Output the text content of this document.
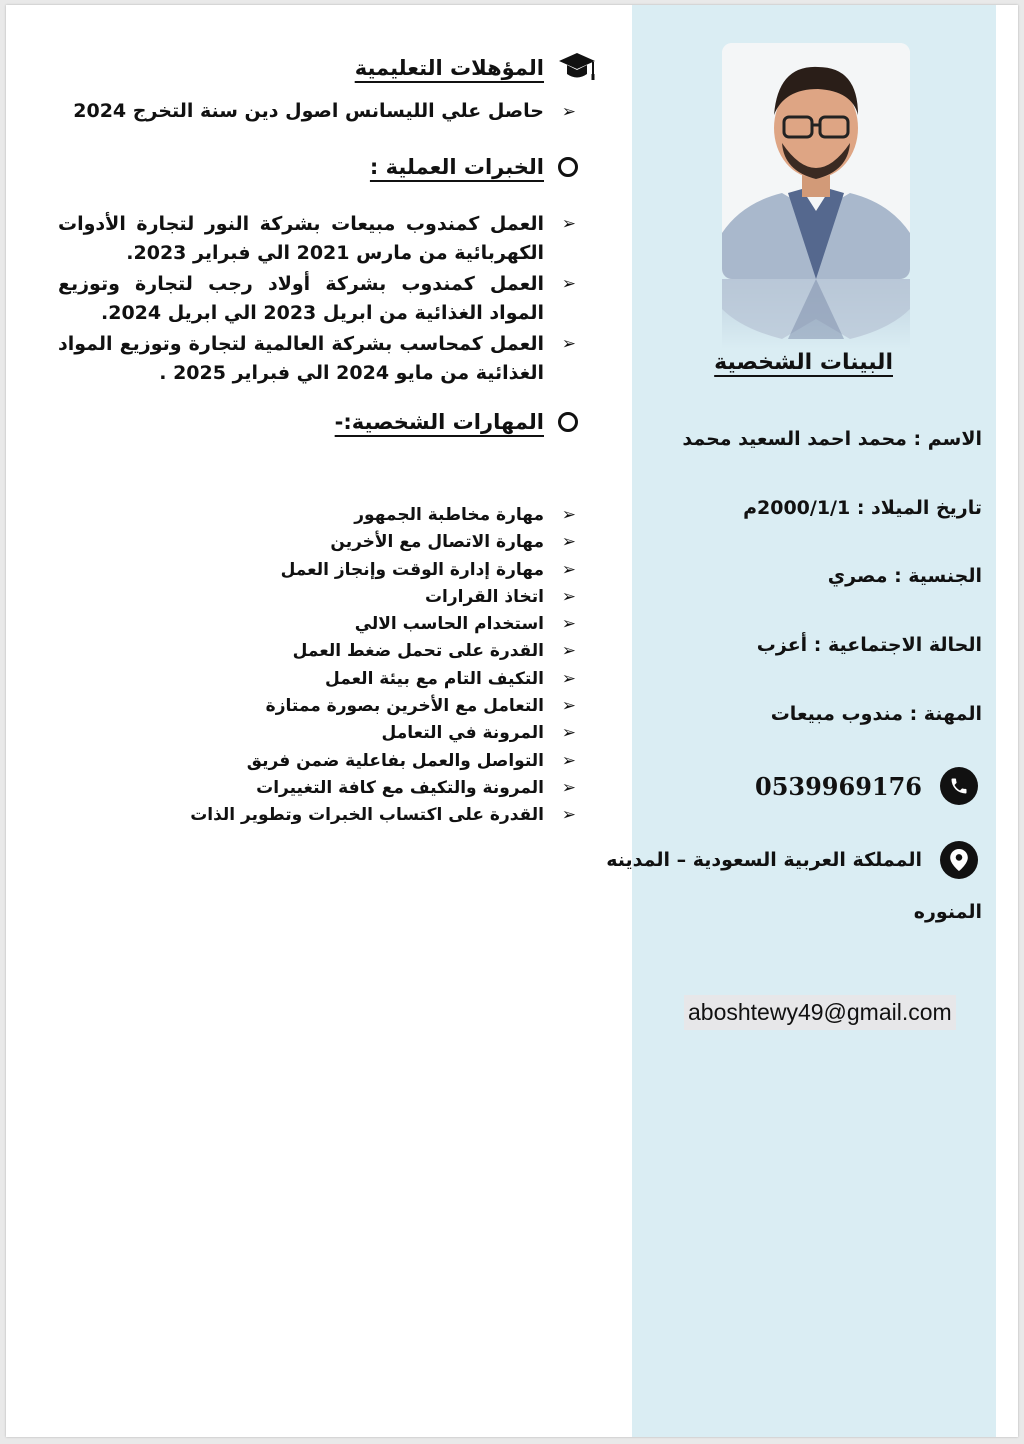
البينات الشخصية
الاسم : محمد احمد السعيد محمد
تاريخ الميلاد : 2000/1/1م
الجنسية : مصري
الحالة الاجتماعية : أعزب
المهنة : مندوب مبيعات
0539969176
المملكة العربية السعودية – المدينه
المنوره
aboshtewy49@gmail.com
المؤهلات التعليمية
➢
حاصل علي الليسانس اصول دين سنة التخرج 2024
الخبرات العملية :
➢
العمل كمندوب مبيعات بشركة النور لتجارة الأدوات الكهربائية من مارس 2021 الي فبراير 2023.
➢
العمل كمندوب بشركة أولاد رجب لتجارة وتوزيع المواد الغذائية من ابريل 2023 الي ابريل 2024.
➢
العمل كمحاسب بشركة العالمية لتجارة وتوزيع المواد الغذائية من مايو 2024 الي فبراير 2025 .
المهارات الشخصية:-
➢
مهارة مخاطبة الجمهور
➢
مهارة الاتصال مع الأخرين
➢
مهارة إدارة الوقت وإنجاز العمل
➢
اتخاذ القرارات
➢
استخدام الحاسب الالي
➢
القدرة على تحمل ضغط العمل
➢
التكيف التام مع بيئة العمل
➢
التعامل مع الأخرين بصورة ممتازة
➢
المرونة في التعامل
➢
التواصل والعمل بفاعلية ضمن فريق
➢
المرونة والتكيف مع كافة التغييرات
➢
القدرة على اكتساب الخبرات وتطوير الذات
